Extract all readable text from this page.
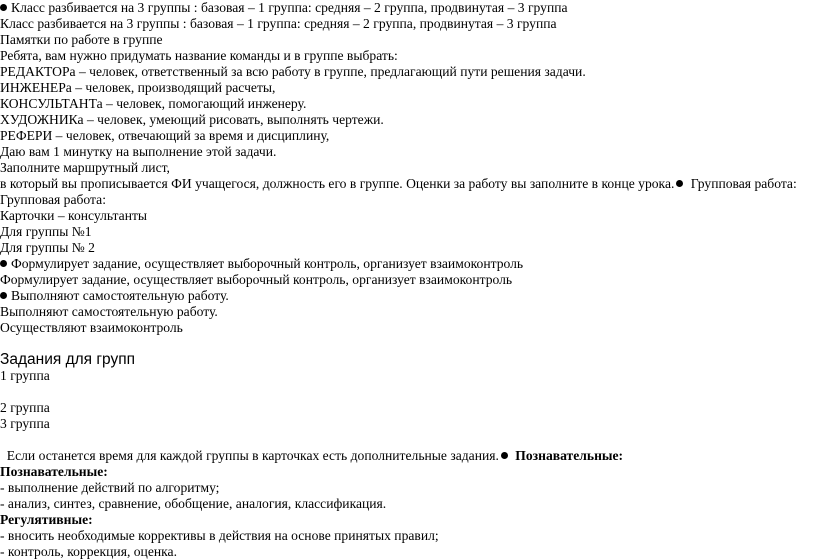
Класс разбивается на 3 группы : базовая – 1 группа: средняя – 2 группа, продвинутая – 3 группа
Класс разбивается на 3 группы : базовая – 1 группа: средняя – 2 группа, продвинутая – 3 группа
Памятки по работе в группе
Ребята, вам нужно придумать название команды и в группе выбрать:
РЕДАКТОРа – человек, ответственный за всю работу в группе, предлагающий пути решения задачи.
ИНЖЕНЕРа – человек, производящий расчеты,
КОНСУЛЬТАНТа – человек, помогающий инженеру.
ХУДОЖНИКа – человек, умеющий рисовать, выполнять чертежи.
РЕФЕРИ – человек, отвечающий за время и дисциплину,
Даю вам 1 минутку на выполнение этой задачи.
Заполните маршрутный лист,
в который вы прописывается ФИ учащегося, должность его в группе. Оценки за работу вы заполните в конце урока. Групповая работа:
Групповая работа:
Карточки – консультанты
Для группы №1
Для группы № 2
Формулирует задание, осуществляет выборочный контроль, организует взаимоконтроль
Формулирует задание, осуществляет выборочный контроль, организует взаимоконтроль
Выполняют самостоятельную работу.
Выполняют самостоятельную работу.
Осуществляют взаимоконтроль
Задания для групп
1 группа
2 группа
3 группа
Если останется время для каждой группы в карточках есть дополнительные задания. Познавательные:
Познавательные:
- выполнение действий по алгоритму;
- анализ, синтез, сравнение, обобщение, аналогия, классификация.
Регулятивные:
- вносить необходимые коррективы в действия на основе принятых правил;
- контроль, коррекция, оценка.
